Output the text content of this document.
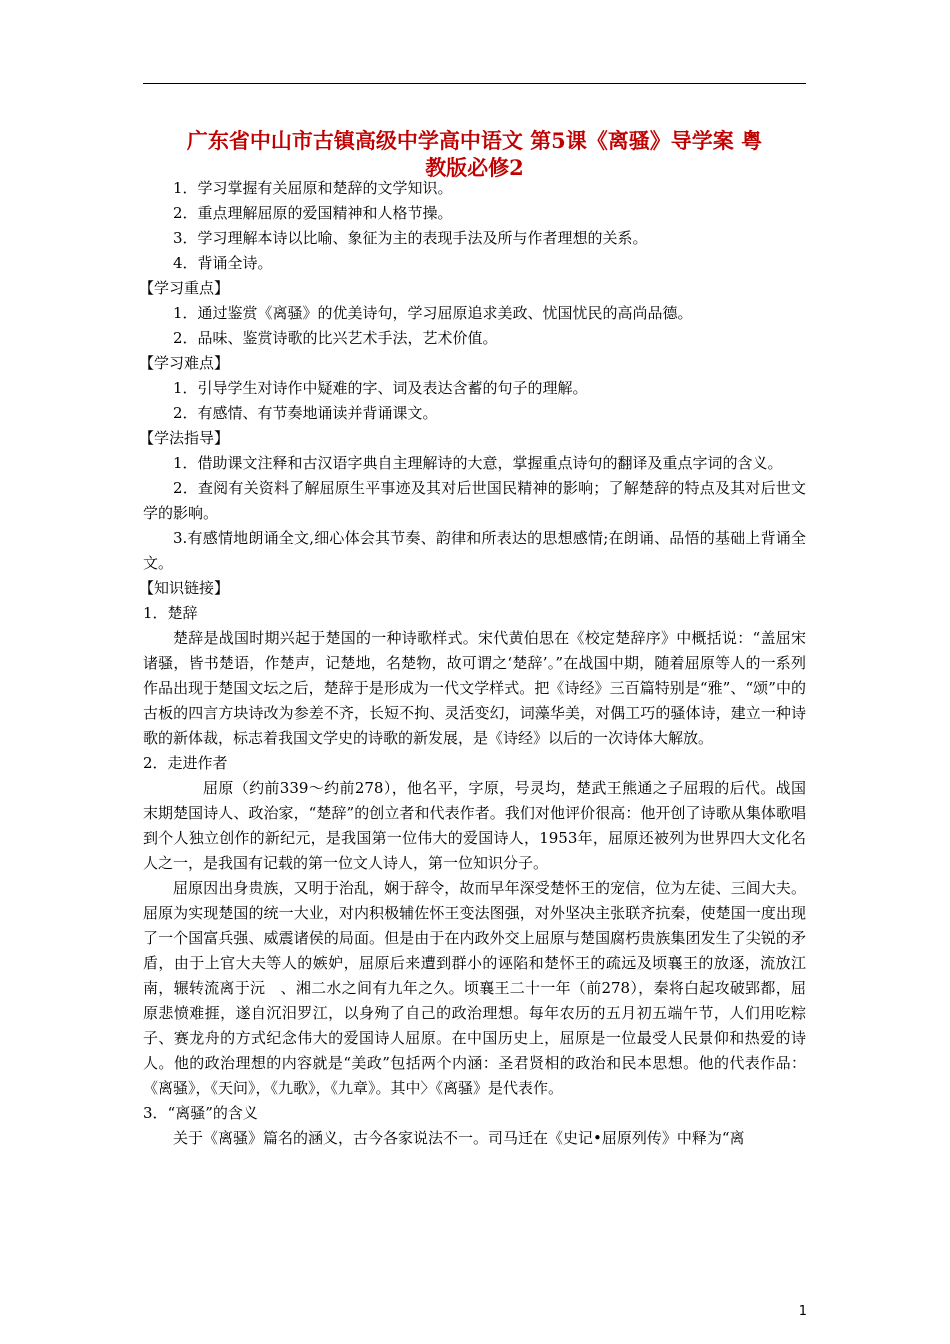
广东省中山市古镇高级中学高中语文 第5课《离骚》导学案 粤
教版必修2

1．学习掌握有关屈原和楚辞的文学知识。

2．重点理解屈原的爱国精神和人格节操。

3．学习理解本诗以比喻、象征为主的表现手法及所与作者理想的关系。

4．背诵全诗。

【学习重点】

1．通过鉴赏《离骚》的优美诗句，学习屈原追求美政、忧国忧民的高尚品德。

2．品味、鉴赏诗歌的比兴艺术手法，艺术价值。

【学习难点】

1．引导学生对诗作中疑难的字、词及表达含蓄的句子的理解。

2．有感情、有节奏地诵读并背诵课文。

【学法指导】

1．借助课文注释和古汉语字典自主理解诗的大意，掌握重点诗句的翻译及重点字词的含义。

2．查阅有关资料了解屈原生平事迹及其对后世国民精神的影响；了解楚辞的特点及其对后世文学的影响。

3.有感情地朗诵全文,细心体会其节奏、韵律和所表达的思想感情;在朗诵、品悟的基础上背诵全文。

【知识链接】

1．楚辞

楚辞是战国时期兴起于楚国的一种诗歌样式。宋代黄伯思在《校定楚辞序》中概括说：“盖屈宋诸骚，皆书楚语，作楚声，记楚地，名楚物，故可谓之‘楚辞’。”在战国中期，随着屈原等人的一系列作品出现于楚国文坛之后，楚辞于是形成为一代文学样式。把《诗经》三百篇特别是“雅”、“颂”中的古板的四言方块诗改为参差不齐，长短不拘、灵活变幻，词藻华美，对偶工巧的骚体诗，建立一种诗歌的新体裁，标志着我国文学史的诗歌的新发展，是《诗经》以后的一次诗体大解放。

2．走进作者

屈原（约前339～约前278），他名平，字原，号灵均，楚武王熊通之子屈瑕的后代。战国末期楚国诗人、政治家，“楚辞”的创立者和代表作者。我们对他评价很高：他开创了诗歌从集体歌唱到个人独立创作的新纪元，是我国第一位伟大的爱国诗人，1953年，屈原还被列为世界四大文化名人之一，是我国有记载的第一位文人诗人，第一位知识分子。

屈原因出身贵族，又明于治乱，娴于辞令，故而早年深受楚怀王的宠信，位为左徒、三闾大夫。屈原为实现楚国的统一大业，对内积极辅佐怀王变法图强，对外坚决主张联齐抗秦，使楚国一度出现了一个国富兵强、威震诸侯的局面。但是由于在内政外交上屈原与楚国腐朽贵族集团发生了尖锐的矛盾，由于上官大夫等人的嫉妒，屈原后来遭到群小的诬陷和楚怀王的疏远及顷襄王的放逐，流放江南，辗转流离于沅　、湘二水之间有九年之久。顷襄王二十一年（前278），秦将白起攻破郢都，屈原悲愤难捱，遂自沉汨罗江，以身殉了自己的政治理想。每年农历的五月初五端午节，人们用吃粽子、赛龙舟的方式纪念伟大的爱国诗人屈原。在中国历史上，屈原是一位最受人民景仰和热爱的诗人。他的政治理想的内容就是“美政”包括两个内涵：圣君贤相的政治和民本思想。他的代表作品：《离骚》，《天问》，《九歌》，《九章》。其中〉《离骚》是代表作。

3．“离骚”的含义

关于《离骚》篇名的涵义，古今各家说法不一。司马迁在《史记•屈原列传》中释为“离

1
